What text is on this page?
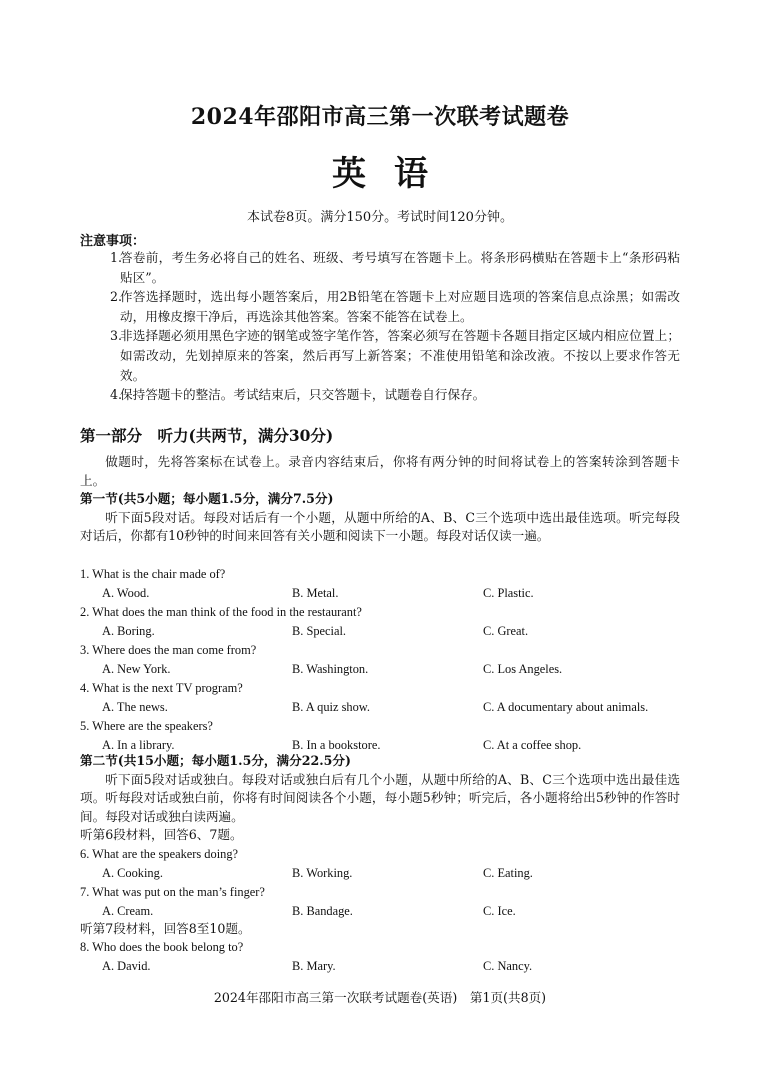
2024年邵阳市高三第一次联考试题卷
英语
本试卷8页。满分150分。考试时间120分钟。
注意事项：
1.
答卷前，考生务必将自己的姓名、班级、考号填写在答题卡上。将条形码横贴在答题卡上“条形码粘贴区”。
2.
作答选择题时，选出每小题答案后，用2B铅笔在答题卡上对应题目选项的答案信息点涂黑；如需改动，用橡皮擦干净后，再选涂其他答案。答案不能答在试卷上。
3.
非选择题必须用黑色字迹的钢笔或签字笔作答，答案必须写在答题卡各题目指定区域内相应位置上；如需改动，先划掉原来的答案，然后再写上新答案；不准使用铅笔和涂改液。不按以上要求作答无效。
4.
保持答题卡的整洁。考试结束后，只交答题卡，试题卷自行保存。
第一部分　听力(共两节，满分30分)
做题时，先将答案标在试卷上。录音内容结束后，你将有两分钟的时间将试卷上的答案转涂到答题卡上。
第一节(共5小题；每小题1.5分，满分7.5分)
听下面5段对话。每段对话后有一个小题，从题中所给的A、B、C三个选项中选出最佳选项。听完每段对话后，你都有10秒钟的时间来回答有关小题和阅读下一小题。每段对话仅读一遍。
1. What is the chair made of?
A. Wood.	B. Metal.	C. Plastic.
2. What does the man think of the food in the restaurant?
A. Boring.	B. Special.	C. Great.
3. Where does the man come from?
A. New York.	B. Washington.	C. Los Angeles.
4. What is the next TV program?
A. The news.	B. A quiz show.	C. A documentary about animals.
5. Where are the speakers?
A. In a library.	B. In a bookstore.	C. At a coffee shop.
第二节(共15小题；每小题1.5分，满分22.5分)
听下面5段对话或独白。每段对话或独白后有几个小题，从题中所给的A、B、C三个选项中选出最佳选项。听每段对话或独白前，你将有时间阅读各个小题，每小题5秒钟；听完后，各小题将给出5秒钟的作答时间。每段对话或独白读两遍。
听第6段材料，回答6、7题。
6. What are the speakers doing?
A. Cooking.	B. Working.	C. Eating.
7. What was put on the man’s finger?
A. Cream.	B. Bandage.	C. Ice.
听第7段材料，回答8至10题。
8. Who does the book belong to?
A. David.	B. Mary.	C. Nancy.
2024年邵阳市高三第一次联考试题卷(英语)　第1页(共8页)
